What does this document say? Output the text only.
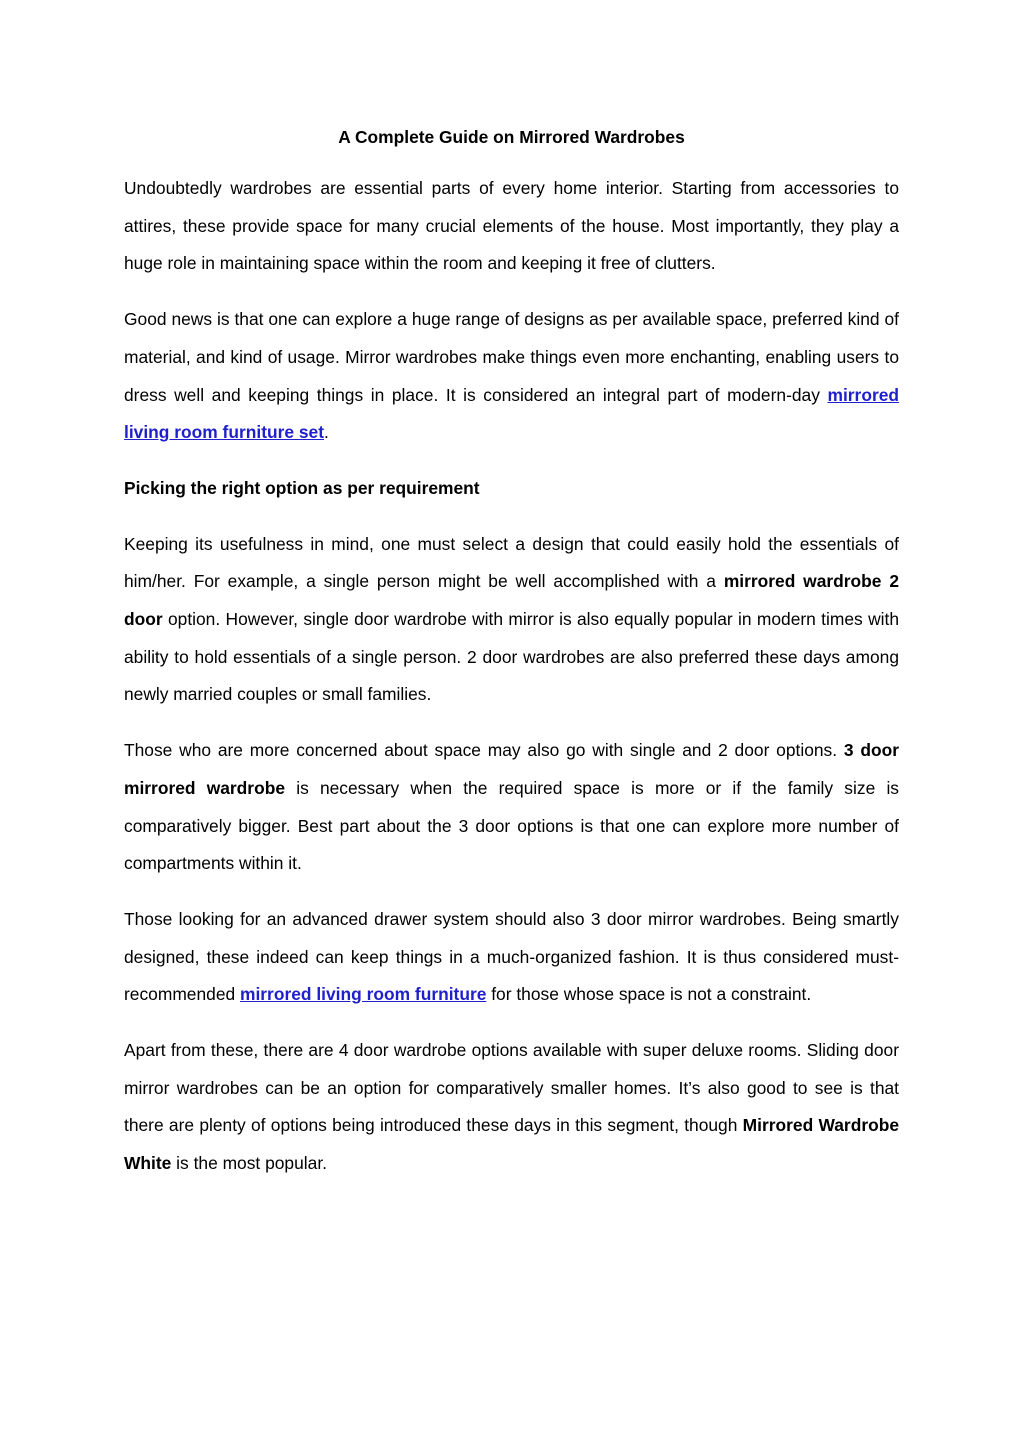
A Complete Guide on Mirrored Wardrobes

Undoubtedly wardrobes are essential parts of every home interior. Starting from accessories to attires, these provide space for many crucial elements of the house. Most importantly, they play a huge role in maintaining space within the room and keeping it free of clutters.

Good news is that one can explore a huge range of designs as per available space, preferred kind of material, and kind of usage. Mirror wardrobes make things even more enchanting, enabling users to dress well and keeping things in place. It is considered an integral part of modern-day mirrored living room furniture set.

Picking the right option as per requirement

Keeping its usefulness in mind, one must select a design that could easily hold the essentials of him/her. For example, a single person might be well accomplished with a mirrored wardrobe 2 door option. However, single door wardrobe with mirror is also equally popular in modern times with ability to hold essentials of a single person. 2 door wardrobes are also preferred these days among newly married couples or small families.

Those who are more concerned about space may also go with single and 2 door options. 3 door mirrored wardrobe is necessary when the required space is more or if the family size is comparatively bigger. Best part about the 3 door options is that one can explore more number of compartments within it.

Those looking for an advanced drawer system should also 3 door mirror wardrobes. Being smartly designed, these indeed can keep things in a much-organized fashion. It is thus considered must-recommended mirrored living room furniture for those whose space is not a constraint.

Apart from these, there are 4 door wardrobe options available with super deluxe rooms. Sliding door mirror wardrobes can be an option for comparatively smaller homes. It’s also good to see is that there are plenty of options being introduced these days in this segment, though Mirrored Wardrobe White is the most popular.
